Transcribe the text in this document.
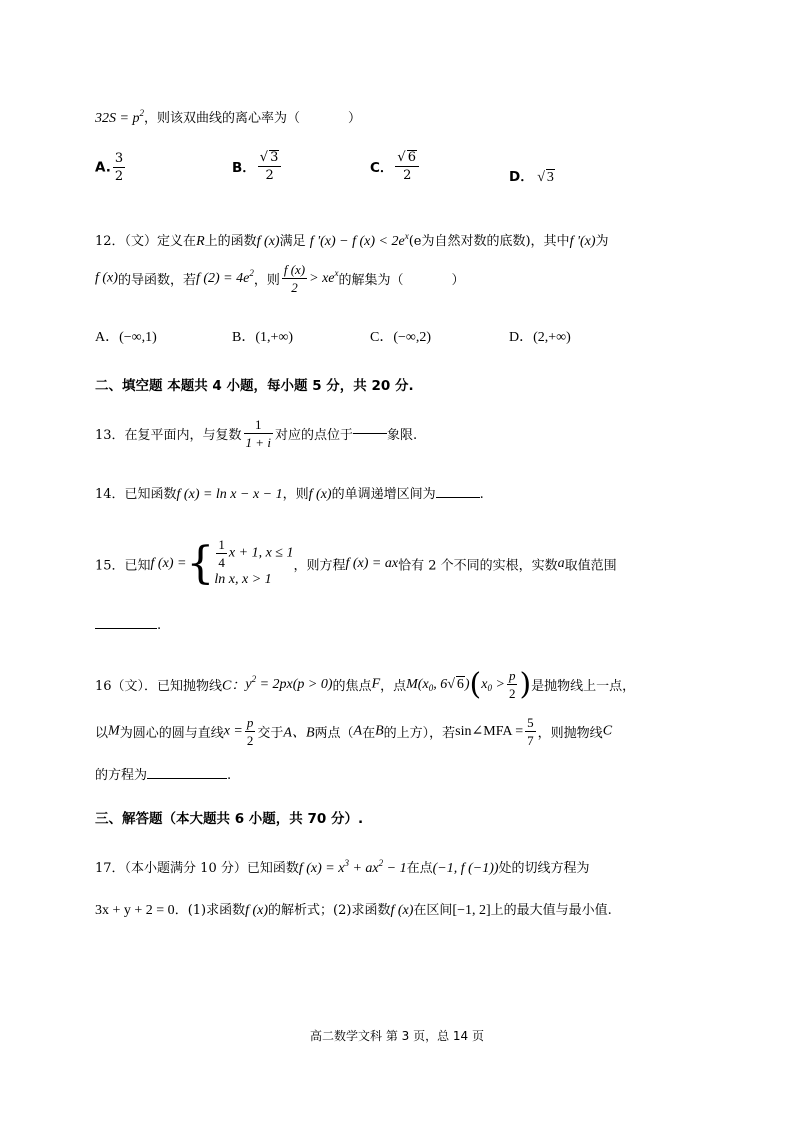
$32S = p^2$，则该双曲线的离心率为（	）
A. $\frac{3}{2}$	B． $\frac{√ 3}{2}$	C． $\frac{√ 6}{2}$	D． √ 3
12．（文）定义在R上的函数f (x)满足 f '(x) − f $(x) < 2e^x(e$为自然对数的底数)，其中f '(x)为
f (x)的导函数，若f $(2) = 4e^2$，则 $\frac{f (x)}{2} > xe^x$的解集为（	）
A．(−∞,1)	B．(1,+∞)	C．(−∞,2)	D．(2,+∞)
二、填空题 本题共 4 小题，每小题 5 分，共 20 分.
13．在复平面内，与复数 $\frac{1}{1 + i}$ 对应的点位于	象限.
14．已知函数f (x) = ln x − x − 1，则f (x)的单调递增区间为	.
15．已知f (x) ={ $\frac{1}{4}$ x + 1, x ≤ 1
ln x, x > 1
，则方程f (x) = ax恰有 2 个不同的实根，实数a取值范围
.
16（文）．已知抛物线C：$y^2 = 2px(p > 0)$的焦点F，点$M(x_0$, 6√ $6)(x_0 > \frac{p}{2}$ )是抛物线上一点，
以M为圆心的圆与直线$x = \frac{p}{2}$ 交于A、B两点（A在B的上方），若sin∠MFA = $\frac{5}{7}$ ，则抛物线C
的方程为	.
三、解答题（本大题共 6 小题，共 70 分）.
17．（本小题满分 10 分）已知函数f $(x) = x^3 + ax^2 - 1$在点(−1, f (−1))处的切线方程为
3x + y + 2 = 0．(1)求函数f (x)的解析式；(2)求函数f (x)在区间[−1, 2]上的最大值与最小值.
高二数学文科 第 3 页，总 14 页
